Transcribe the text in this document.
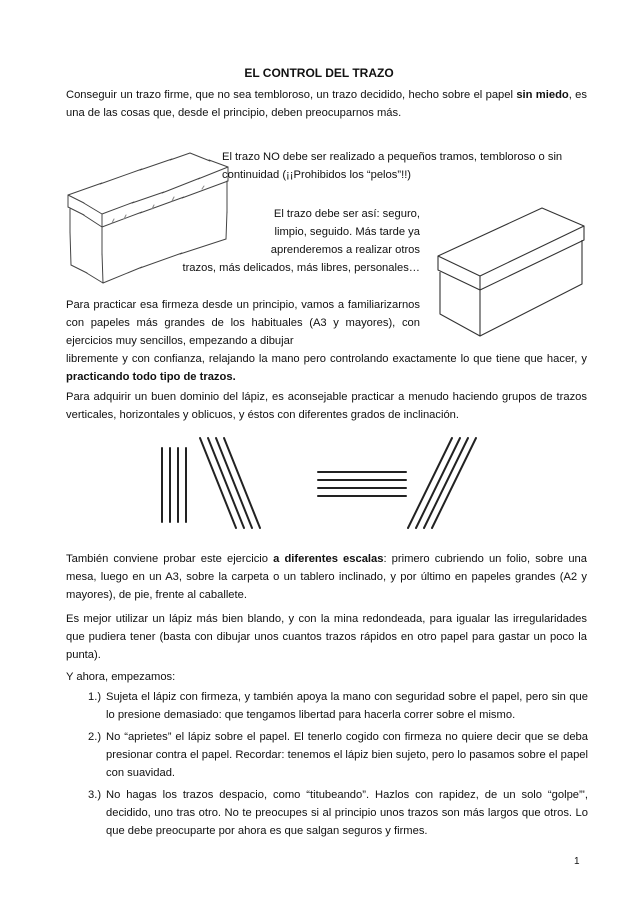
EL CONTROL DEL TRAZO

Conseguir un trazo firme, que no sea tembloroso, un trazo decidido, hecho sobre el papel sin miedo, es una de las cosas que, desde el principio, deben preocuparnos más.

El trazo NO debe ser realizado a pequeños tramos, tembloroso o sin continuidad (¡¡Prohibidos los “pelos”!!)

El trazo debe ser así: seguro,

limpio, seguido. Más tarde ya

aprenderemos a realizar otros

trazos, más delicados, más libres, personales…

Para practicar esa firmeza desde un principio, vamos a familiarizarnos con papeles más grandes de los habituales (A3 y mayores), con ejercicios muy sencillos, empezando a dibujar

libremente y con confianza, relajando la mano pero controlando exactamente lo que tiene que hacer, y practicando todo tipo de trazos.

Para adquirir un buen dominio del lápiz, es aconsejable practicar a menudo haciendo grupos de trazos verticales, horizontales y oblicuos, y éstos con diferentes grados de inclinación.

También conviene probar este ejercicio a diferentes escalas: primero cubriendo un folio, sobre una mesa, luego en un A3, sobre la carpeta o un tablero inclinado, y por último en papeles grandes (A2 y mayores), de pie, frente al caballete.

Es mejor utilizar un lápiz más bien blando, y con la mina redondeada, para igualar las irregularidades que pudiera tener (basta con dibujar unos cuantos trazos rápidos en otro papel para gastar un poco la punta).

Y ahora, empezamos:

1.) Sujeta el lápiz con firmeza, y también apoya la mano con seguridad sobre el papel, pero sin que lo presione demasiado: que tengamos libertad para hacerla correr sobre el mismo.
2.) No “aprietes” el lápiz sobre el papel. El tenerlo cogido con firmeza no quiere decir que se deba presionar contra el papel. Recordar: tenemos el lápiz bien sujeto, pero lo pasamos sobre el papel con suavidad.
3.) No hagas los trazos despacio, como “titubeando”. Hazlos con rapidez, de un solo “golpe”', decidido, uno tras otro. No te preocupes si al principio unos trazos son más largos que otros. Lo que debe preocuparte por ahora es que salgan seguros y firmes.
1
